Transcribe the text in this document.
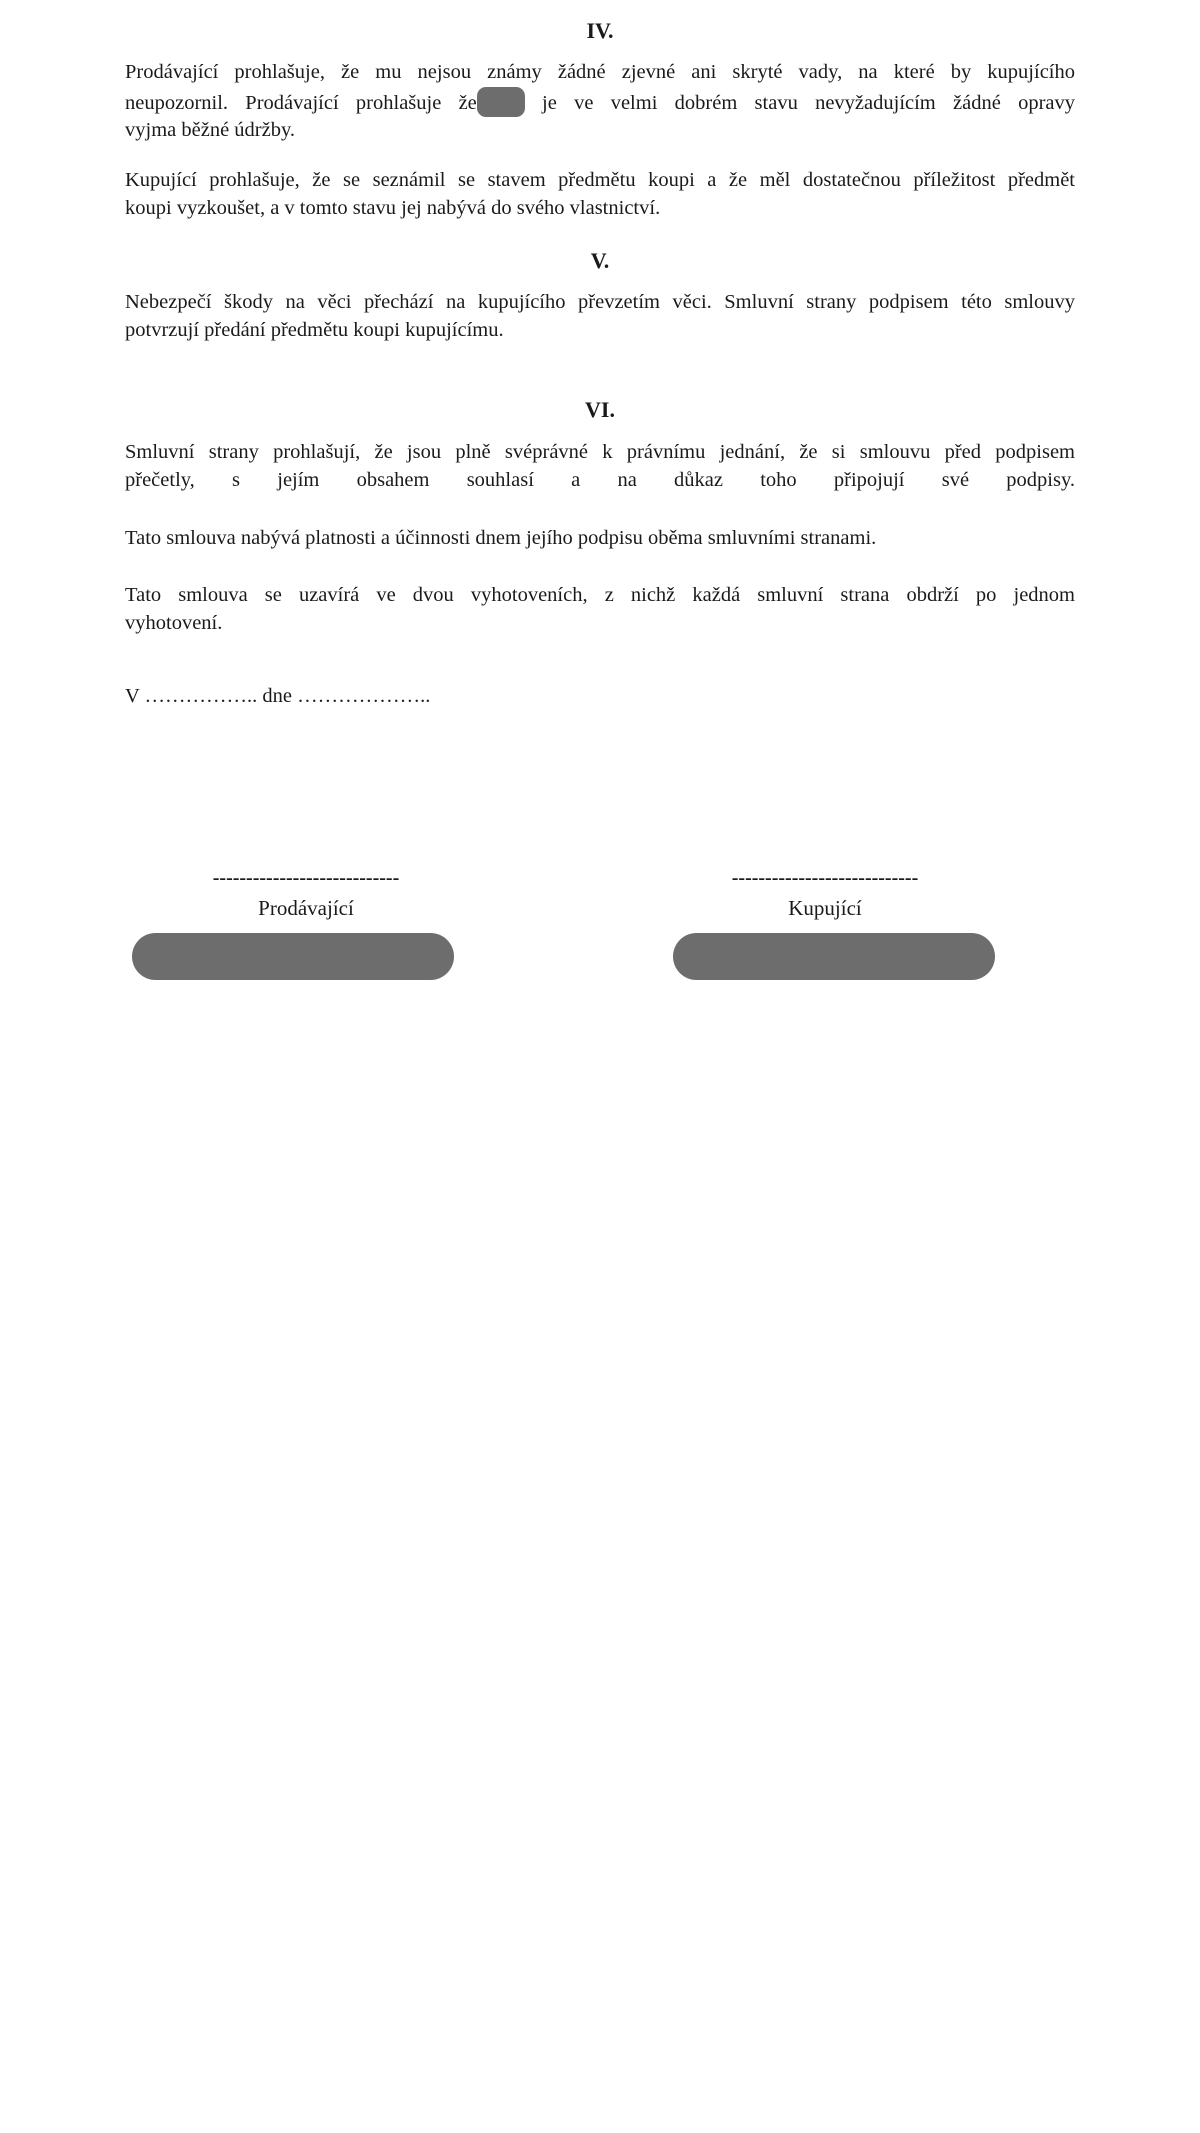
IV.
Prodávající prohlašuje, že mu nejsou známy žádné zjevné ani skryté vady, na které by kupujícího
neupozornil. Prodávající prohlašuje že	je ve velmi dobrém stavu nevyžadujícím žádné opravy
vyjma běžné údržby.
Kupující prohlašuje, že se seznámil se stavem předmětu koupi a že měl dostatečnou příležitost předmět
koupi vyzkoušet, a v tomto stavu jej nabývá do svého vlastnictví.
V.
Nebezpečí škody na věci přechází na kupujícího převzetím věci. Smluvní strany podpisem této smlouvy
potvrzují předání předmětu koupi kupujícímu.
VI.
Smluvní strany prohlašují, že jsou plně svéprávné k právnímu jednání, že si smlouvu před podpisem
přečetly, s jejím obsahem souhlasí a na důkaz toho připojují své podpisy.
Tato smlouva nabývá platnosti a účinnosti dnem jejího podpisu oběma smluvními stranami.
Tato smlouva se uzavírá ve dvou vyhotoveních, z nichž každá smluvní strana obdrží po jednom
vyhotovení.
V …………….. dne ………………..
----------------------------
Prodávající
----------------------------
Kupující
